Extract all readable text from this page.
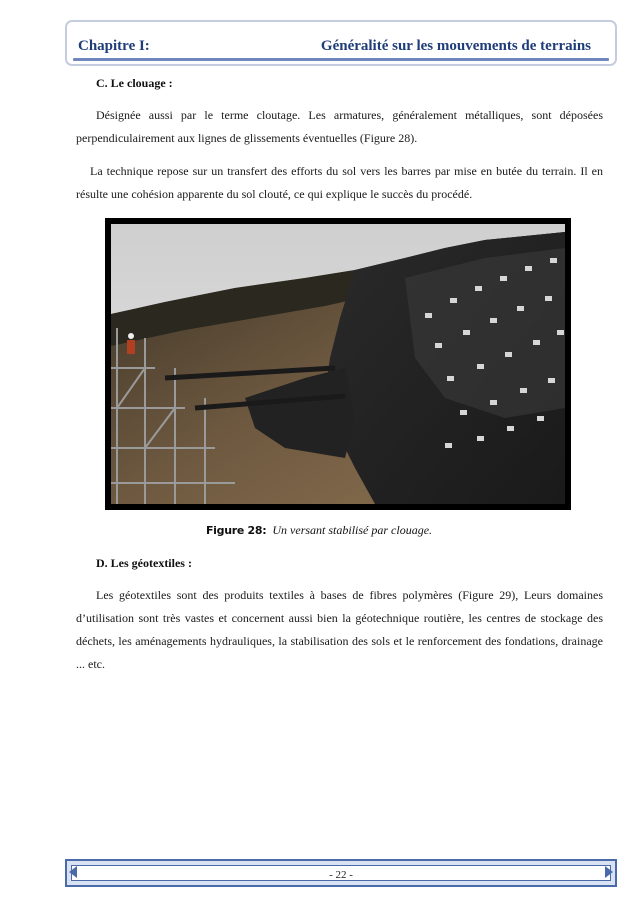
Chapitre I:	Généralité sur les mouvements de terrains
C. Le clouage :
Désignée aussi par le terme cloutage. Les armatures, généralement métalliques, sont déposées perpendiculairement aux lignes de glissements éventuelles (Figure 28).
La technique repose sur un transfert des efforts du sol vers les barres par mise en butée du terrain. Il en résulte une cohésion apparente du sol clouté, ce qui explique le succès du procédé.
Figure 28: Un versant stabilisé par clouage.
D. Les géotextiles :
Les géotextiles sont des produits textiles à bases de fibres polymères (Figure 29), Leurs domaines d’utilisation sont très vastes et concernent aussi bien la géotechnique routière, les centres de stockage des déchets, les aménagements hydrauliques, la stabilisation des sols et le renforcement des fondations, drainage ... etc.
- 22 -
